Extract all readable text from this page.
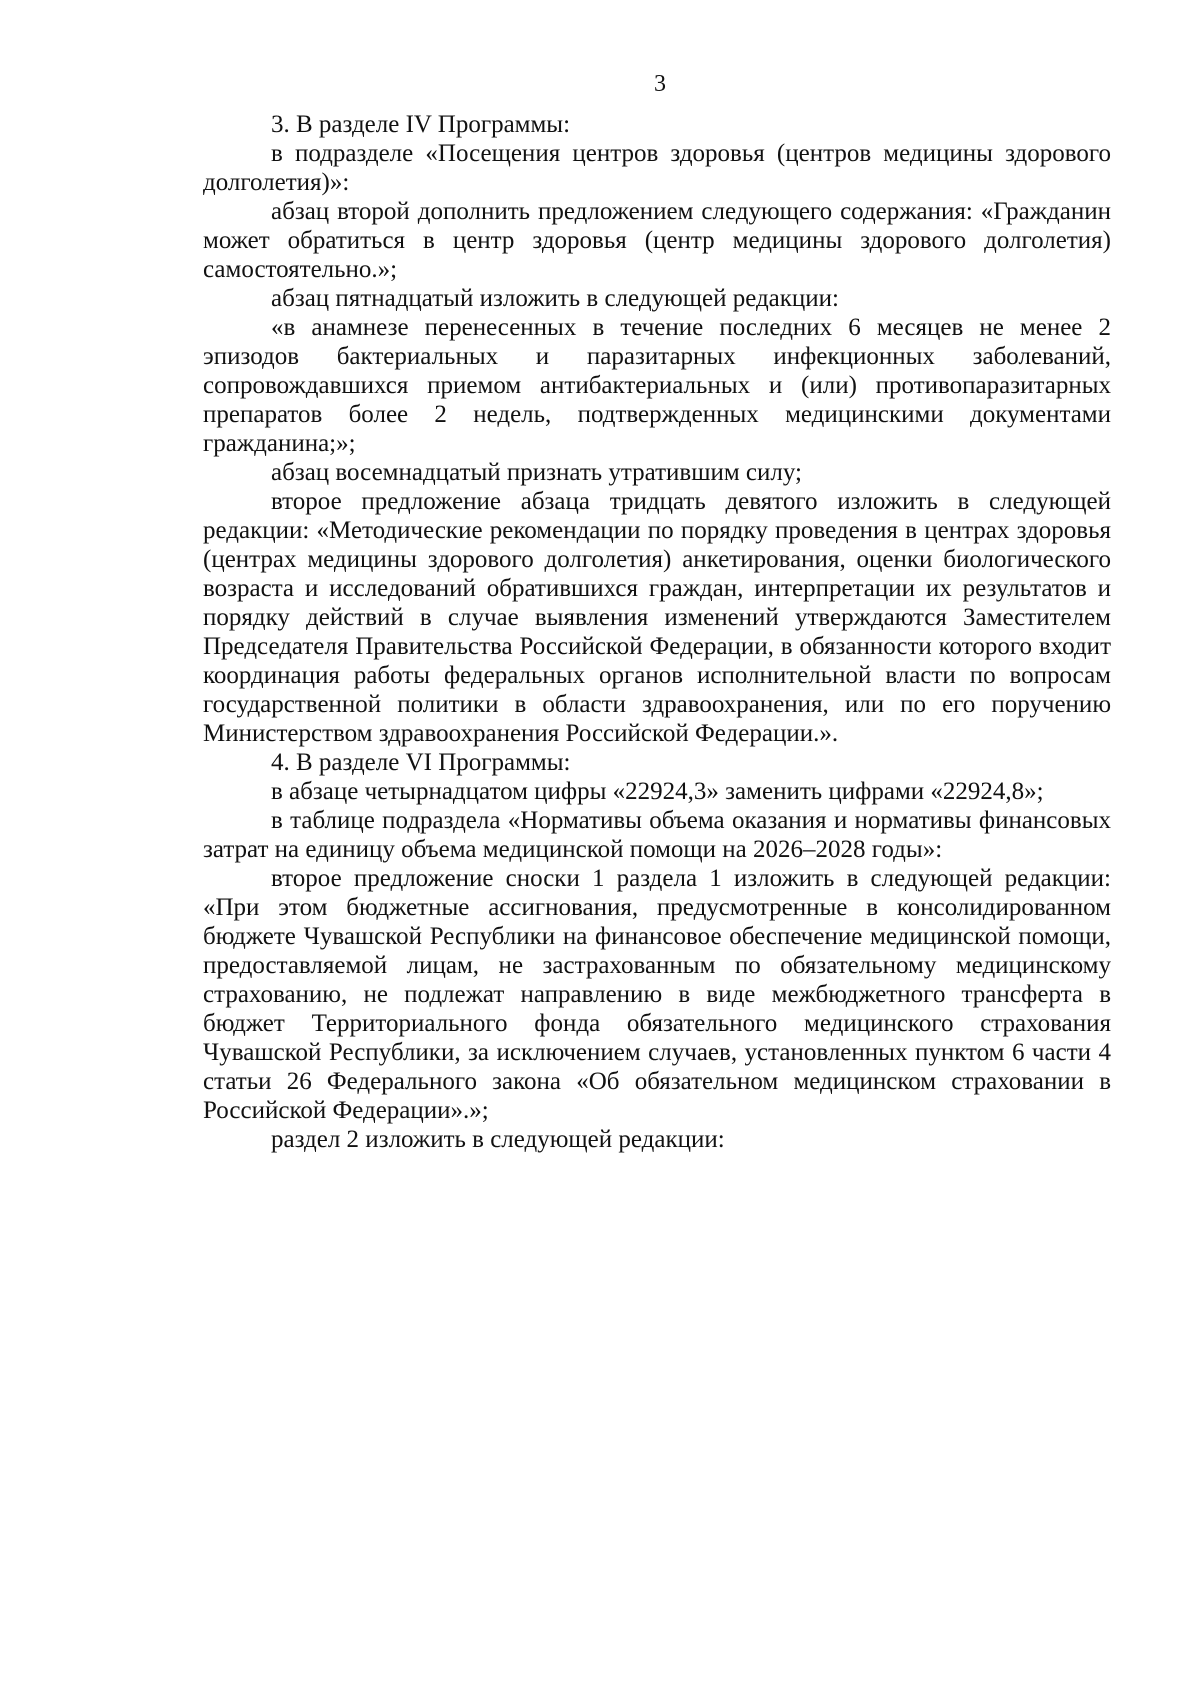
3

3. В разделе IV Программы:

в подразделе «Посещения центров здоровья (центров медицины здорового долголетия)»:

абзац второй дополнить предложением следующего содержания: «Гражданин может обратиться в центр здоровья (центр медицины здорового долголетия) самостоятельно.»;

абзац пятнадцатый изложить в следующей редакции:

«в анамнезе перенесенных в течение последних 6 месяцев не менее 2 эпизодов бактериальных и паразитарных инфекционных заболеваний, сопровождавшихся приемом антибактериальных и (или) противопаразитарных препаратов более 2 недель, подтвержденных медицинскими документами гражданина;»;

абзац восемнадцатый признать утратившим силу;

второе предложение абзаца тридцать девятого изложить в следующей редакции: «Методические рекомендации по порядку проведения в центрах здоровья (центрах медицины здорового долголетия) анкетирования, оценки биологического возраста и исследований обратившихся граждан, интерпретации их результатов и порядку действий в случае выявления изменений утверждаются Заместителем Председателя Правительства Российской Федерации, в обязанности которого входит координация работы федеральных органов исполнительной власти по вопросам государственной политики в области здравоохранения, или по его поручению Министерством здравоохранения Российской Федерации.».

4. В разделе VI Программы:

в абзаце четырнадцатом цифры «22924,3» заменить цифрами «22924,8»;

в таблице подраздела «Нормативы объема оказания и нормативы финансовых затрат на единицу объема медицинской помощи на 2026–2028 годы»:

второе предложение сноски 1 раздела 1 изложить в следующей редакции: «При этом бюджетные ассигнования, предусмотренные в консолидированном бюджете Чувашской Республики на финансовое обеспечение медицинской помощи, предоставляемой лицам, не застрахованным по обязательному медицинскому страхованию, не подлежат направлению в виде межбюджетного трансферта в бюджет Территориального фонда обязательного медицинского страхования Чувашской Республики, за исключением случаев, установленных пунктом 6 части 4 статьи 26 Федерального закона «Об обязательном медицинском страховании в Российской Федерации».»;

раздел 2 изложить в следующей редакции:
